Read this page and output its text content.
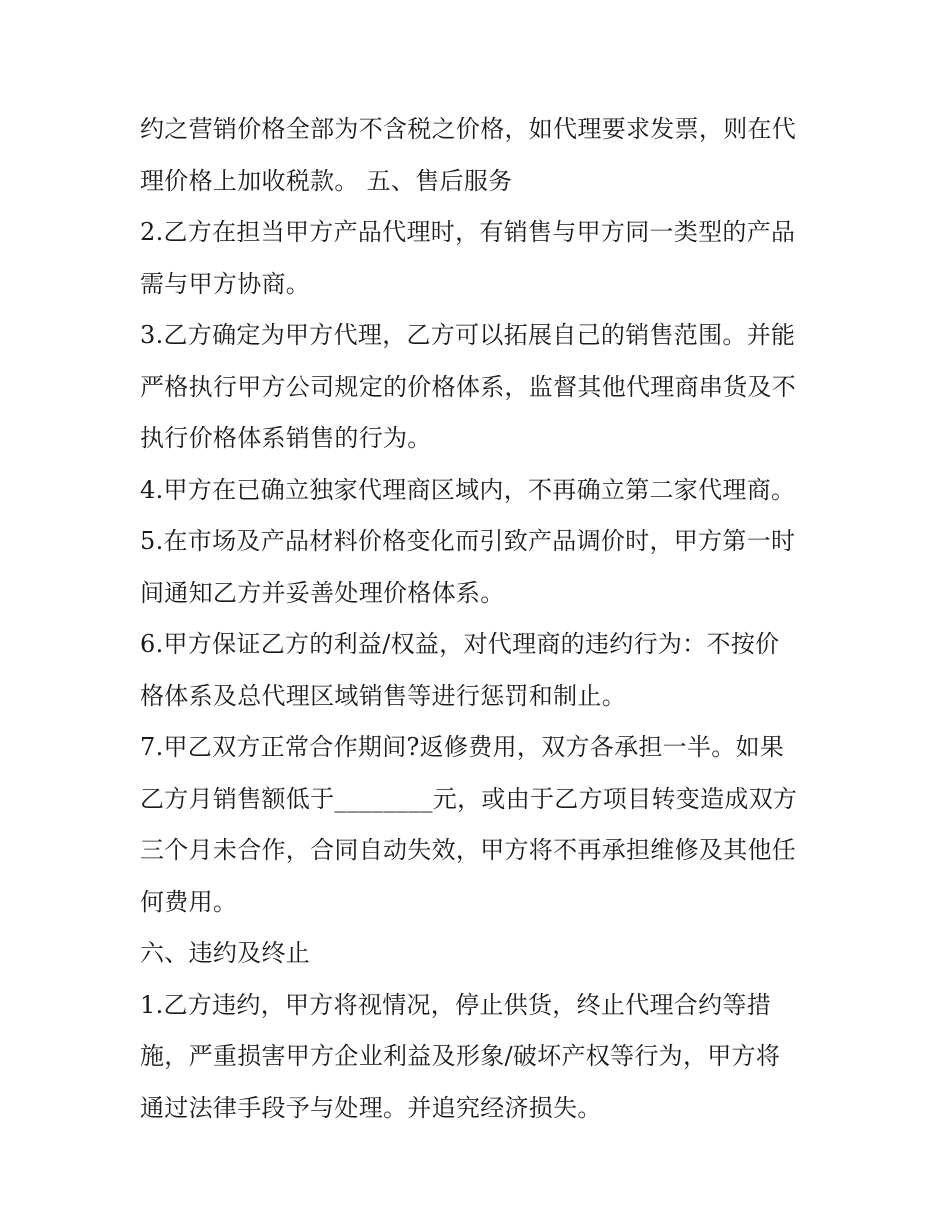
约之营销价格全部为不含税之价格，如代理要求发票，则在代
理价格上加收税款。 五、售后服务
2.乙方在担当甲方产品代理时，有销售与甲方同一类型的产品
需与甲方协商。
3.乙方确定为甲方代理，乙方可以拓展自己的销售范围。并能
严格执行甲方公司规定的价格体系，监督其他代理商串货及不
执行价格体系销售的行为。
4.甲方在已确立独家代理商区域内，不再确立第二家代理商。
5.在市场及产品材料价格变化而引致产品调价时，甲方第一时
间通知乙方并妥善处理价格体系。
6.甲方保证乙方的利益/权益，对代理商的违约行为：不按价
格体系及总代理区域销售等进行惩罚和制止。
7.甲乙双方正常合作期间?返修费用，双方各承担一半。如果
乙方月销售额低于________元，或由于乙方项目转变造成双方
三个月未合作，合同自动失效，甲方将不再承担维修及其他任
何费用。
六、违约及终止
1.乙方违约，甲方将视情况，停止供货，终止代理合约等措
施，严重损害甲方企业利益及形象/破坏产权等行为，甲方将
通过法律手段予与处理。并追究经济损失。
